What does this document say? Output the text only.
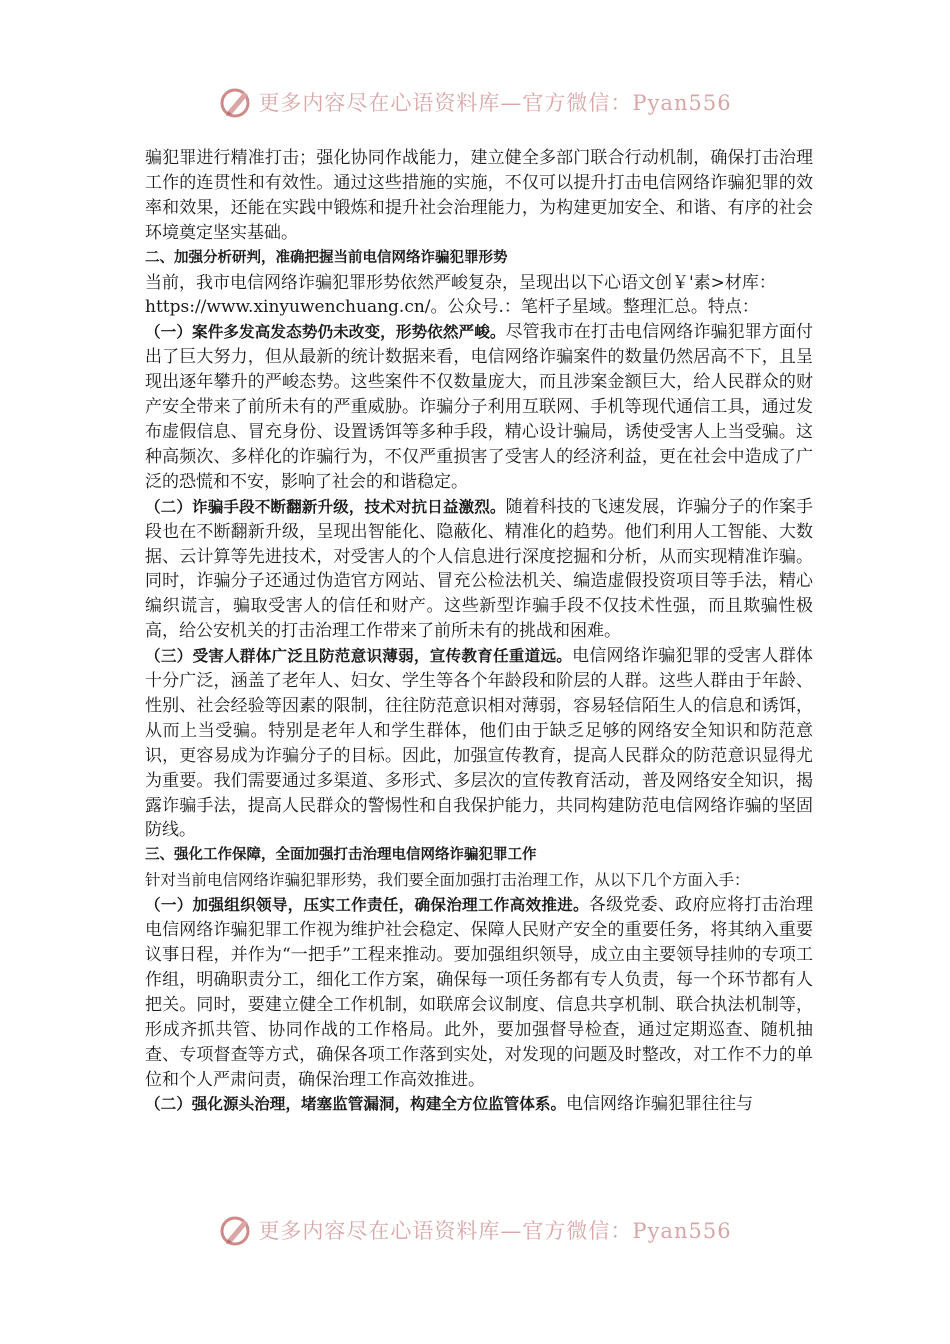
更多内容尽在心语资料库—官方微信：Pyan556

骗犯罪进行精准打击；强化协同作战能力，建立健全多部门联合行动机制，确保打击治理工作的连贯性和有效性。通过这些措施的实施，不仅可以提升打击电信网络诈骗犯罪的效率和效果，还能在实践中锻炼和提升社会治理能力，为构建更加安全、和谐、有序的社会环境奠定坚实基础。

二、加强分析研判，准确把握当前电信网络诈骗犯罪形势

当前，我市电信网络诈骗犯罪形势依然严峻复杂，呈现出以下心语文创￥'素>材库：
https://www.xinyuwenchuang.cn/。公众号.：笔杆子星域。整理汇总。特点：

（一）案件多发高发态势仍未改变，形势依然严峻。尽管我市在打击电信网络诈骗犯罪方面付出了巨大努力，但从最新的统计数据来看，电信网络诈骗案件的数量仍然居高不下，且呈现出逐年攀升的严峻态势。这些案件不仅数量庞大，而且涉案金额巨大，给人民群众的财产安全带来了前所未有的严重威胁。诈骗分子利用互联网、手机等现代通信工具，通过发布虚假信息、冒充身份、设置诱饵等多种手段，精心设计骗局，诱使受害人上当受骗。这种高频次、多样化的诈骗行为，不仅严重损害了受害人的经济利益，更在社会中造成了广泛的恐慌和不安，影响了社会的和谐稳定。

（二）诈骗手段不断翻新升级，技术对抗日益激烈。随着科技的飞速发展，诈骗分子的作案手段也在不断翻新升级，呈现出智能化、隐蔽化、精准化的趋势。他们利用人工智能、大数据、云计算等先进技术，对受害人的个人信息进行深度挖掘和分析，从而实现精准诈骗。同时，诈骗分子还通过伪造官方网站、冒充公检法机关、编造虚假投资项目等手法，精心编织谎言，骗取受害人的信任和财产。这些新型诈骗手段不仅技术性强，而且欺骗性极高，给公安机关的打击治理工作带来了前所未有的挑战和困难。

（三）受害人群体广泛且防范意识薄弱，宣传教育任重道远。电信网络诈骗犯罪的受害人群体十分广泛，涵盖了老年人、妇女、学生等各个年龄段和阶层的人群。这些人群由于年龄、性别、社会经验等因素的限制，往往防范意识相对薄弱，容易轻信陌生人的信息和诱饵，从而上当受骗。特别是老年人和学生群体，他们由于缺乏足够的网络安全知识和防范意识，更容易成为诈骗分子的目标。因此，加强宣传教育，提高人民群众的防范意识显得尤为重要。我们需要通过多渠道、多形式、多层次的宣传教育活动，普及网络安全知识，揭露诈骗手法，提高人民群众的警惕性和自我保护能力，共同构建防范电信网络诈骗的坚固防线。

三、强化工作保障，全面加强打击治理电信网络诈骗犯罪工作

针对当前电信网络诈骗犯罪形势，我们要全面加强打击治理工作，从以下几个方面入手：

（一）加强组织领导，压实工作责任，确保治理工作高效推进。各级党委、政府应将打击治理电信网络诈骗犯罪工作视为维护社会稳定、保障人民财产安全的重要任务，将其纳入重要议事日程，并作为“一把手”工程来推动。要加强组织领导，成立由主要领导挂帅的专项工作组，明确职责分工，细化工作方案，确保每一项任务都有专人负责，每一个环节都有人把关。同时，要建立健全工作机制，如联席会议制度、信息共享机制、联合执法机制等，形成齐抓共管、协同作战的工作格局。此外，要加强督导检查，通过定期巡查、随机抽查、专项督查等方式，确保各项工作落到实处，对发现的问题及时整改，对工作不力的单位和个人严肃问责，确保治理工作高效推进。

（二）强化源头治理，堵塞监管漏洞，构建全方位监管体系。电信网络诈骗犯罪往往与

更多内容尽在心语资料库—官方微信：Pyan556
